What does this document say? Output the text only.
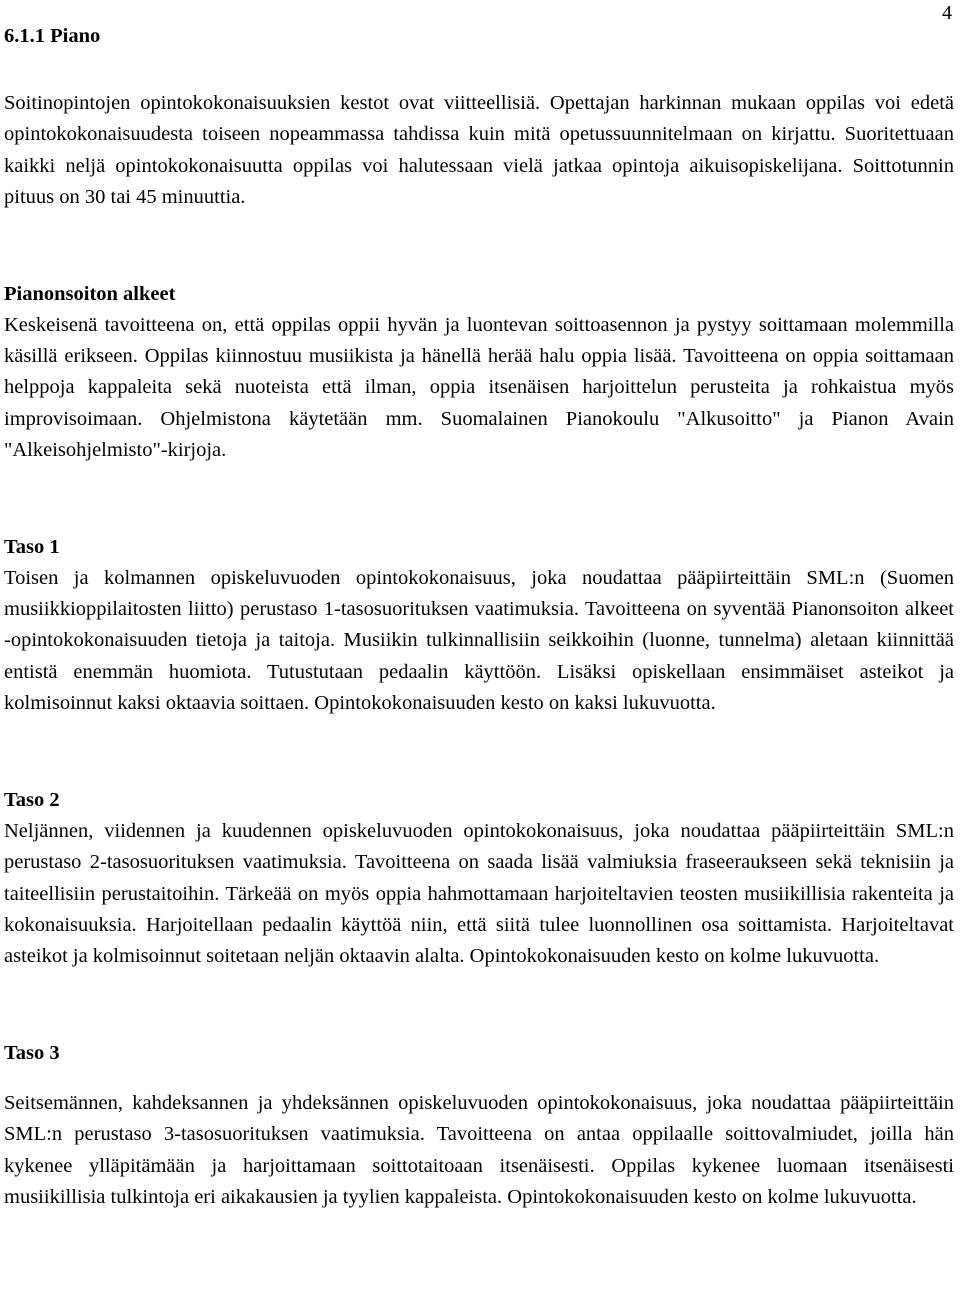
4
6.1.1 Piano

Soitinopintojen opintokokonaisuuksien kestot ovat viitteellisiä. Opettajan harkinnan mukaan oppilas voi edetä opintokokonaisuudesta toiseen nopeammassa tahdissa kuin mitä opetussuunnitelmaan on kirjattu. Suoritettuaan kaikki neljä opintokokonaisuutta oppilas voi halutessaan vielä jatkaa opintoja aikuisopiskelijana. Soittotunnin pituus on 30 tai 45 minuuttia.

Pianonsoiton alkeet

Keskeisenä tavoitteena on, että oppilas oppii hyvän ja luontevan soittoasennon ja pystyy soittamaan molemmilla käsillä erikseen. Oppilas kiinnostuu musiikista ja hänellä herää halu oppia lisää. Tavoitteena on oppia soittamaan helppoja kappaleita sekä nuoteista että ilman, oppia itsenäisen harjoittelun perusteita ja rohkaistua myös improvisoimaan. Ohjelmistona käytetään mm. Suomalainen Pianokoulu "Alkusoitto" ja Pianon Avain "Alkeisohjelmisto"-kirjoja.

Taso 1

Toisen ja kolmannen opiskeluvuoden opintokokonaisuus, joka noudattaa pääpiirteittäin SML:n (Suomen musiikkioppilaitosten liitto) perustaso 1-tasosuorituksen vaatimuksia. Tavoitteena on syventää Pianonsoiton alkeet -opintokokonaisuuden tietoja ja taitoja. Musiikin tulkinnallisiin seikkoihin (luonne, tunnelma) aletaan kiinnittää entistä enemmän huomiota. Tutustutaan pedaalin käyttöön. Lisäksi opiskellaan ensimmäiset asteikot ja kolmisoinnut kaksi oktaavia soittaen. Opintokokonaisuuden kesto on kaksi lukuvuotta.

Taso 2

Neljännen, viidennen ja kuudennen opiskeluvuoden opintokokonaisuus, joka noudattaa pääpiirteittäin SML:n perustaso 2-tasosuorituksen vaatimuksia. Tavoitteena on saada lisää valmiuksia fraseeraukseen sekä teknisiin ja taiteellisiin perustaitoihin. Tärkeää on myös oppia hahmottamaan harjoiteltavien teosten musiikillisia rakenteita ja kokonaisuuksia. Harjoitellaan pedaalin käyttöä niin, että siitä tulee luonnollinen osa soittamista. Harjoiteltavat asteikot ja kolmisoinnut soitetaan neljän oktaavin alalta. Opintokokonaisuuden kesto on kolme lukuvuotta.

Taso 3

Seitsemännen, kahdeksannen ja yhdeksännen opiskeluvuoden opintokokonaisuus, joka noudattaa pääpiirteittäin SML:n perustaso 3-tasosuorituksen vaatimuksia. Tavoitteena on antaa oppilaalle soittovalmiudet, joilla hän kykenee ylläpitämään ja harjoittamaan soittotaitoaan itsenäisesti. Oppilas kykenee luomaan itsenäisesti musiikillisia tulkintoja eri aikakausien ja tyylien kappaleista. Opintokokonaisuuden kesto on kolme lukuvuotta.
